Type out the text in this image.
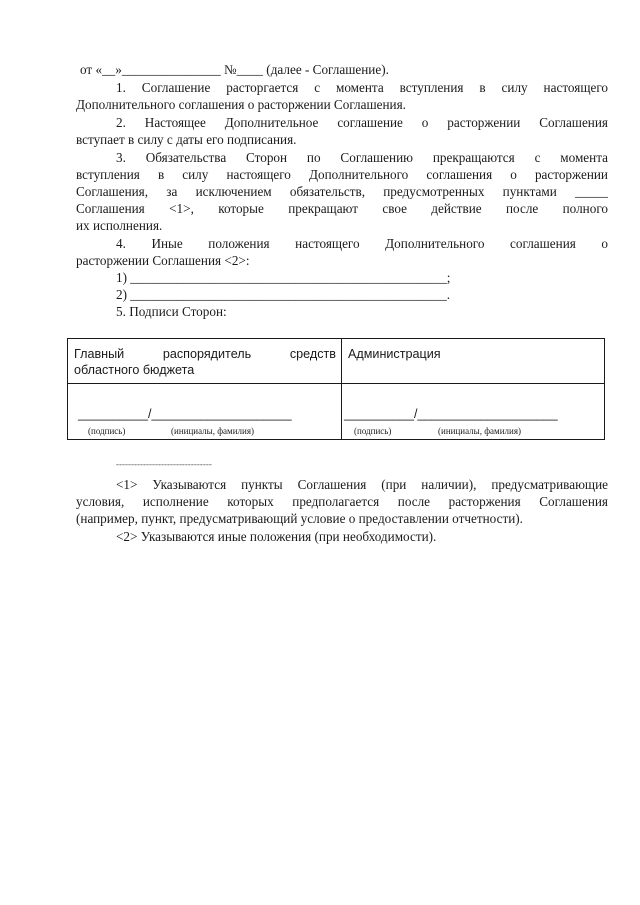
от «__»_______________ №____ (далее - Соглашение).
1. Соглашение расторгается с момента вступления в силу настоящего
Дополнительного соглашения о расторжении Соглашения.
2. Настоящее Дополнительное соглашение о расторжении Соглашения
вступает в силу с даты его подписания.
3. Обязательства Сторон по Соглашению прекращаются с момента
вступления в силу настоящего Дополнительного соглашения о расторжении
Соглашения, за исключением обязательств, предусмотренных пунктами _____
Соглашения <1>, которые прекращают свое действие после полного
их исполнения.
4. Иные положения настоящего Дополнительного соглашения о
расторжении Соглашения <2>:
1) ________________________________________________;
2) ________________________________________________.
5. Подписи Сторон:
Главный распорядитель средств
областного бюджета
Администрация
__________/____________________
(подпись)	(инициалы, фамилия)
__________/____________________
(подпись)	(инициалы, фамилия)
--------------------------------
<1> Указываются пункты Соглашения (при наличии), предусматривающие
условия, исполнение которых предполагается после расторжения Соглашения
(например, пункт, предусматривающий условие о предоставлении отчетности).
<2> Указываются иные положения (при необходимости).
